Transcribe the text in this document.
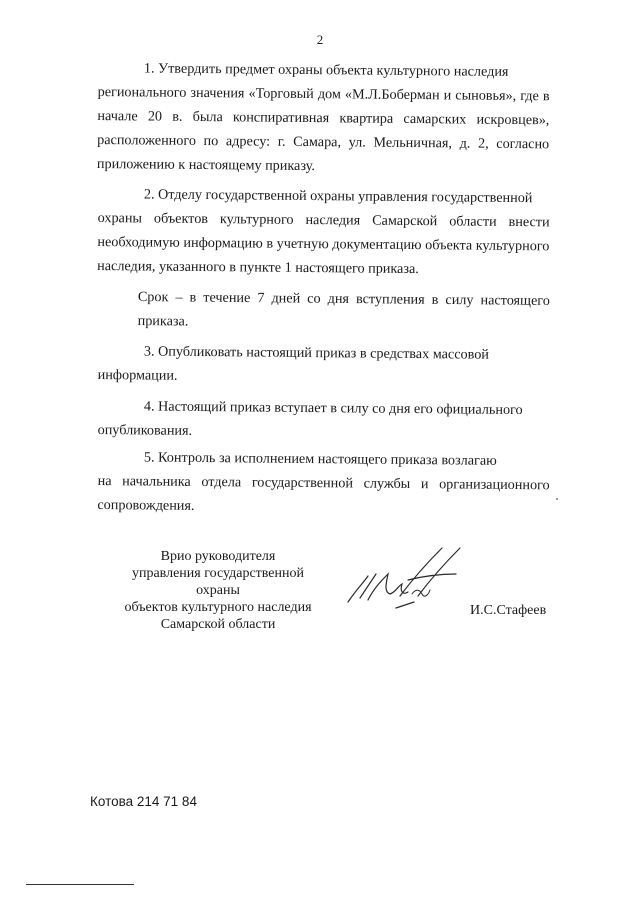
2
1. Утвердить предмет охраны объекта культурного наследия
регионального значения «Торговый дом «М.Л.Боберман и сыновья», где в начале 20 в. была конспиративная квартира самарских искровцев», расположенного по адресу: г. Самара, ул. Мельничная, д. 2, согласно приложению к настоящему приказу.
2. Отделу государственной охраны управления государственной
охраны объектов культурного наследия Самарской области внести необходимую информацию в учетную документацию объекта культурного наследия, указанного в пункте 1 настоящего приказа.
Срок – в течение 7 дней со дня вступления в силу настоящего приказа.
3. Опубликовать настоящий приказ в средствах массовой
информации.
4. Настоящий приказ вступает в силу со дня его официального
опубликования.
5. Контроль за исполнением настоящего приказа возлагаю
на начальника отдела государственной службы и организационного сопровождения.
Врио руководителя
управления государственной охраны
объектов культурного наследия
Самарской области
И.С.Стафеев
Котова 214 71 84
